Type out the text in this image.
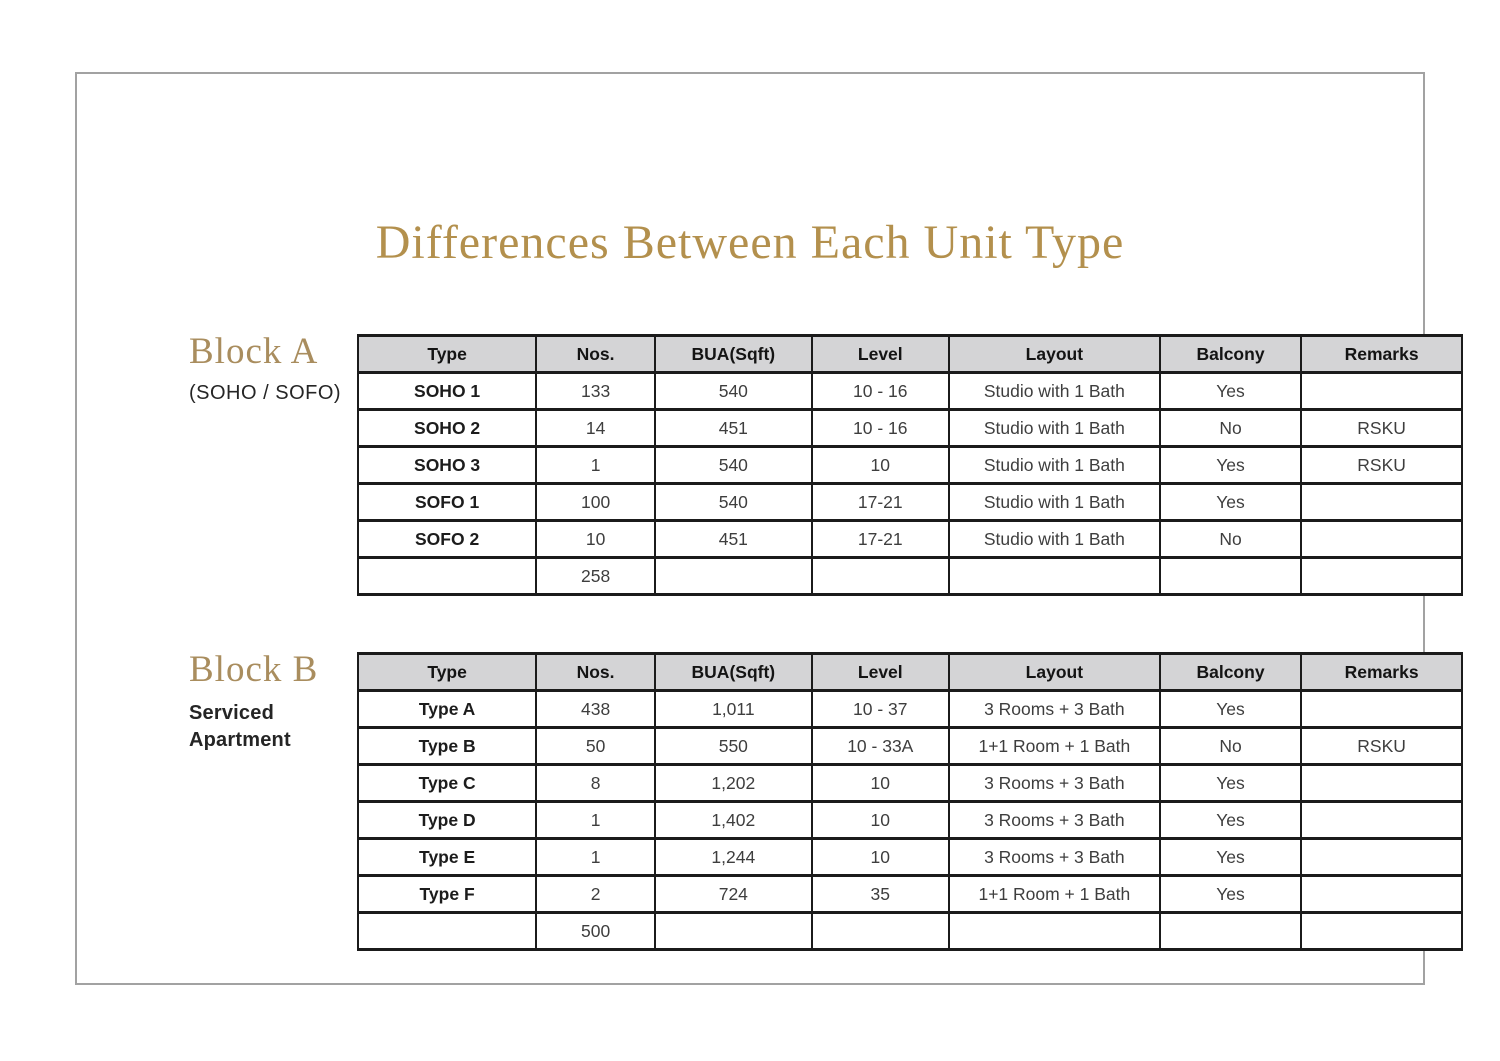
Differences Between Each Unit Type
Block A
(SOHO / SOFO)
Type	Nos.	BUA(Sqft)	Level	Layout	Balcony	Remarks
SOHO 1	133	540	10 - 16	Studio with 1 Bath	Yes	
SOHO 2	14	451	10 - 16	Studio with 1 Bath	No	RSKU
SOHO 3	1	540	10	Studio with 1 Bath	Yes	RSKU
SOFO 1	100	540	17-21	Studio with 1 Bath	Yes	
SOFO 2	10	451	17-21	Studio with 1 Bath	No	
	258					
Block B
Serviced Apartment
Type	Nos.	BUA(Sqft)	Level	Layout	Balcony	Remarks
Type A	438	1,011	10 - 37	3 Rooms + 3 Bath	Yes	
Type B	50	550	10 - 33A	1+1 Room + 1 Bath	No	RSKU
Type C	8	1,202	10	3 Rooms + 3 Bath	Yes	
Type D	1	1,402	10	3 Rooms + 3 Bath	Yes	
Type E	1	1,244	10	3 Rooms + 3 Bath	Yes	
Type F	2	724	35	1+1 Room + 1 Bath	Yes	
	500					
